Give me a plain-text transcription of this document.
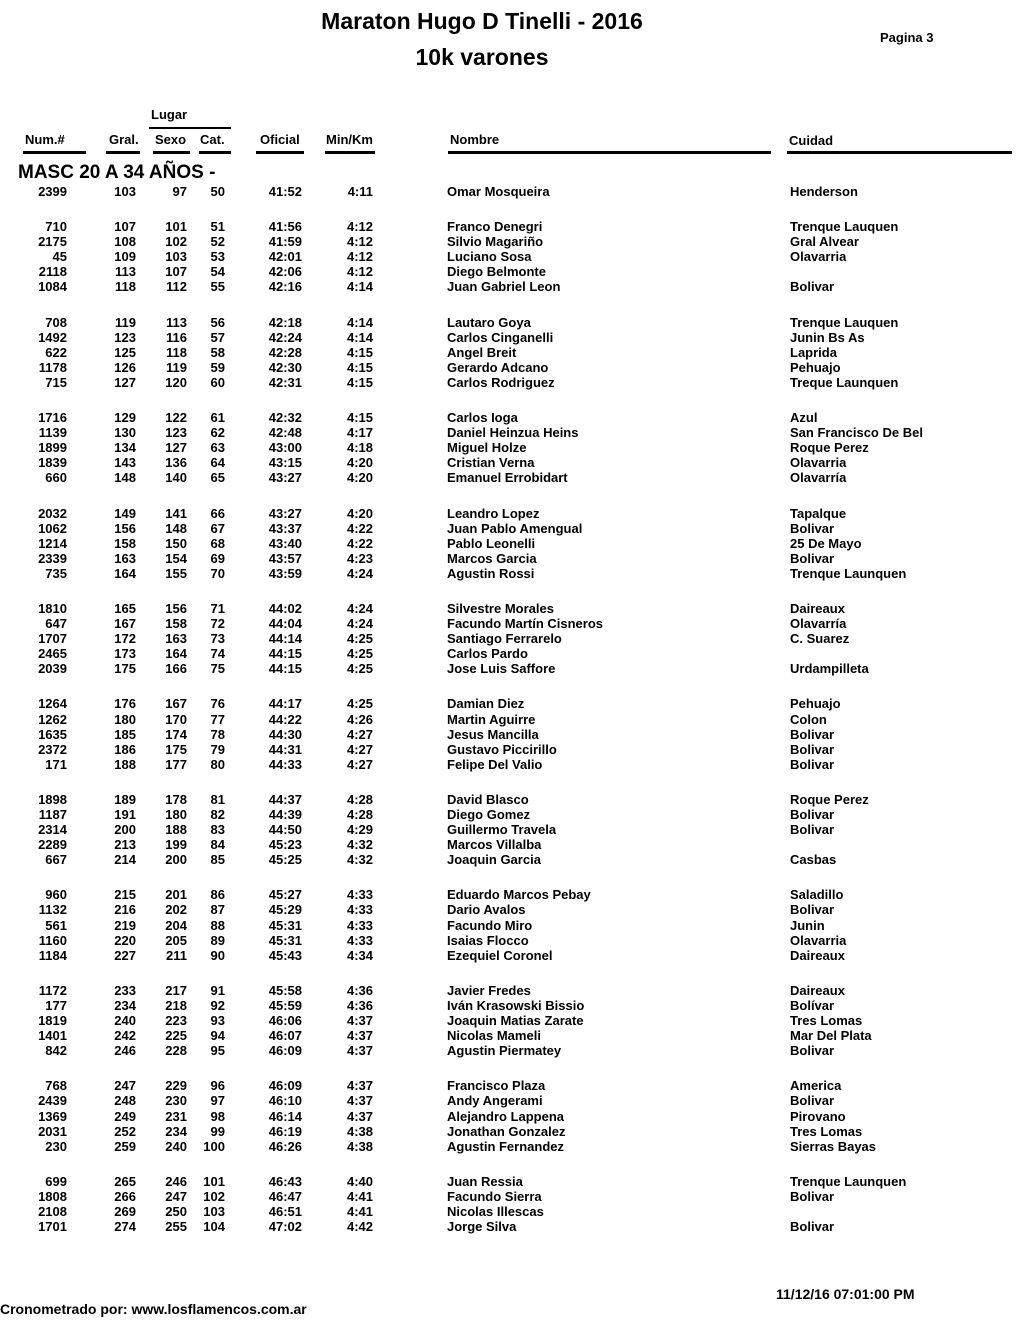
Maraton Hugo D Tinelli - 2016
10k varones
Pagina 3
Lugar
Num.#	Gral. Sexo Cat.	Oficial Min/Km	Nombre	Cuidad
MASC 20 A 34 AÑOS -
2399	103	97 50	41:52	4:11	Omar Mosqueira	Henderson
710	107 101 51	41:56	4:12	Franco Denegri	Trenque Lauquen
2175	108 102 52	41:59	4:12	Silvio Magariño	Gral Alvear
45	109 103 53	42:01	4:12	Luciano Sosa	Olavarria
2118	113 107 54	42:06	4:12	Diego Belmonte
1084	118 112 55	42:16	4:14	Juan Gabriel Leon	Bolivar
708	119 113 56	42:18	4:14	Lautaro Goya	Trenque Lauquen
1492	123 116 57	42:24	4:14	Carlos Cinganelli	Junin Bs As
622	125 118 58	42:28	4:15	Angel Breit	Laprida
1178	126 119 59	42:30	4:15	Gerardo Adcano	Pehuajo
715	127 120 60	42:31	4:15	Carlos Rodriguez	Treque Launquen
1716	129 122 61	42:32	4:15	Carlos Ioga	Azul
1139	130 123 62	42:48	4:17	Daniel Heinzua Heins	San Francisco De Bel
1899	134 127 63	43:00	4:18	Miguel Holze	Roque Perez
1839	143 136 64	43:15	4:20	Cristian Verna	Olavarria
660	148 140 65	43:27	4:20	Emanuel Errobidart	Olavarría
2032	149 141 66	43:27	4:20	Leandro Lopez	Tapalque
1062	156 148 67	43:37	4:22	Juan Pablo Amengual	Bolivar
1214	158 150 68	43:40	4:22	Pablo Leonelli	25 De Mayo
2339	163 154 69	43:57	4:23	Marcos Garcia	Bolivar
735	164 155 70	43:59	4:24	Agustin Rossi	Trenque Launquen
1810	165 156 71	44:02	4:24	Silvestre Morales	Daireaux
647	167 158 72	44:04	4:24	Facundo Martín Cisneros	Olavarría
1707	172 163 73	44:14	4:25	Santiago Ferrarelo	C. Suarez
2465	173 164 74	44:15	4:25	Carlos Pardo
2039	175 166 75	44:15	4:25	Jose Luis Saffore	Urdampilleta
1264	176 167 76	44:17	4:25	Damian Diez	Pehuajo
1262	180 170 77	44:22	4:26	Martin Aguirre	Colon
1635	185 174 78	44:30	4:27	Jesus Mancilla	Bolivar
2372	186 175 79	44:31	4:27	Gustavo Piccirillo	Bolivar
171	188 177 80	44:33	4:27	Felipe Del Valio	Bolivar
1898	189 178 81	44:37	4:28	David Blasco	Roque Perez
1187	191 180 82	44:39	4:28	Diego Gomez	Bolivar
2314	200 188 83	44:50	4:29	Guillermo Travela	Bolivar
2289	213 199 84	45:23	4:32	Marcos Villalba
667	214 200 85	45:25	4:32	Joaquin Garcia	Casbas
960	215 201 86	45:27	4:33	Eduardo Marcos Pebay	Saladillo
1132	216 202 87	45:29	4:33	Dario Avalos	Bolivar
561	219 204 88	45:31	4:33	Facundo Miro	Junin
1160	220 205 89	45:31	4:33	Isaias Flocco	Olavarria
1184	227 211 90	45:43	4:34	Ezequiel Coronel	Daireaux
1172	233 217 91	45:58	4:36	Javier Fredes	Daireaux
177	234 218 92	45:59	4:36	Iván Krasowski Bissio	Bolívar
1819	240 223 93	46:06	4:37	Joaquin Matias Zarate	Tres Lomas
1401	242 225 94	46:07	4:37	Nicolas Mameli	Mar Del Plata
842	246 228 95	46:09	4:37	Agustin Piermatey	Bolivar
768	247 229 96	46:09	4:37	Francisco Plaza	America
2439	248 230 97	46:10	4:37	Andy Angerami	Bolivar
1369	249 231 98	46:14	4:37	Alejandro Lappena	Pirovano
2031	252 234 99	46:19	4:38	Jonathan Gonzalez	Tres Lomas
230	259 240 100	46:26	4:38	Agustin Fernandez	Sierras Bayas
699	265 246 101	46:43	4:40	Juan Ressia	Trenque Launquen
1808	266 247 102	46:47	4:41	Facundo Sierra	Bolivar
2108	269 250 103	46:51	4:41	Nicolas Illescas
1701	274 255 104	47:02	4:42	Jorge Silva	Bolivar
Cronometrado por: www.losflamencos.com.ar
11/12/16 07:01:00 PM
